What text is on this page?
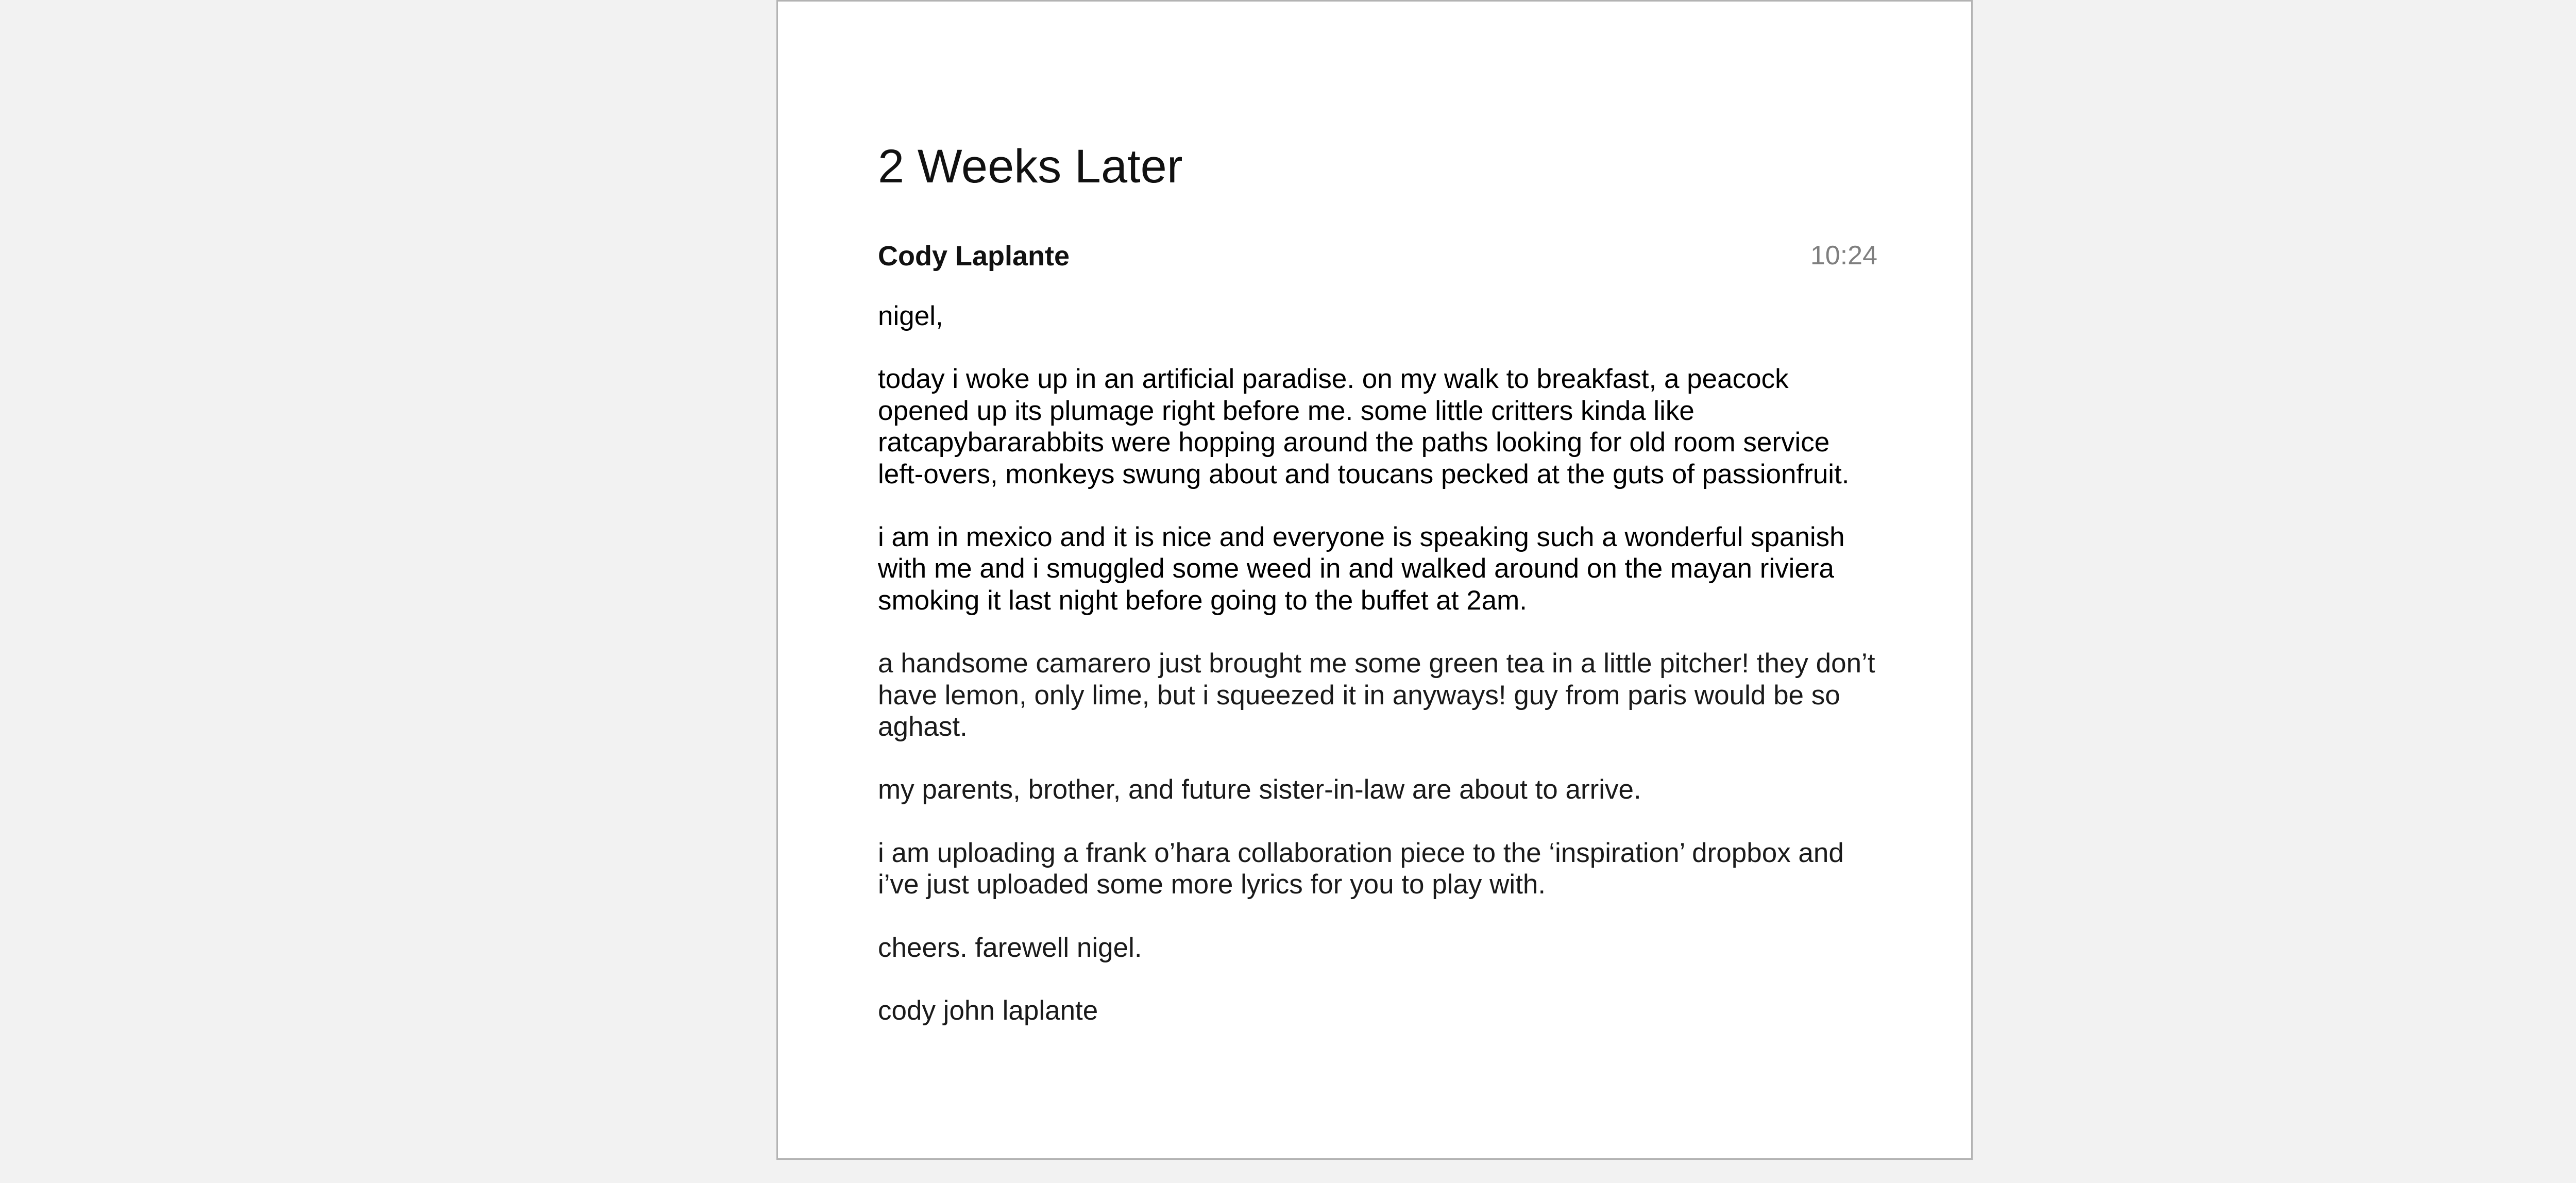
2 Weeks Later
Cody Laplante	10:24

nigel,

today i woke up in an artificial paradise. on my walk to breakfast, a peacock opened up its plumage right before me. some little critters kinda like ratcapybararabbits were hopping around the paths looking for old room service left-overs, monkeys swung about and toucans pecked at the guts of passionfruit.

i am in mexico and it is nice and everyone is speaking such a wonderful spanish with me and i smuggled some weed in and walked around on the mayan riviera smoking it last night before going to the buffet at 2am.

a handsome camarero just brought me some green tea in a little pitcher! they don’t have lemon, only lime, but i squeezed it in anyways! guy from paris would be so aghast.

my parents, brother, and future sister-in-law are about to arrive.

i am uploading a frank o’hara collaboration piece to the ‘inspiration’ dropbox and i’ve just uploaded some more lyrics for you to play with.

cheers. farewell nigel.

cody john laplante
